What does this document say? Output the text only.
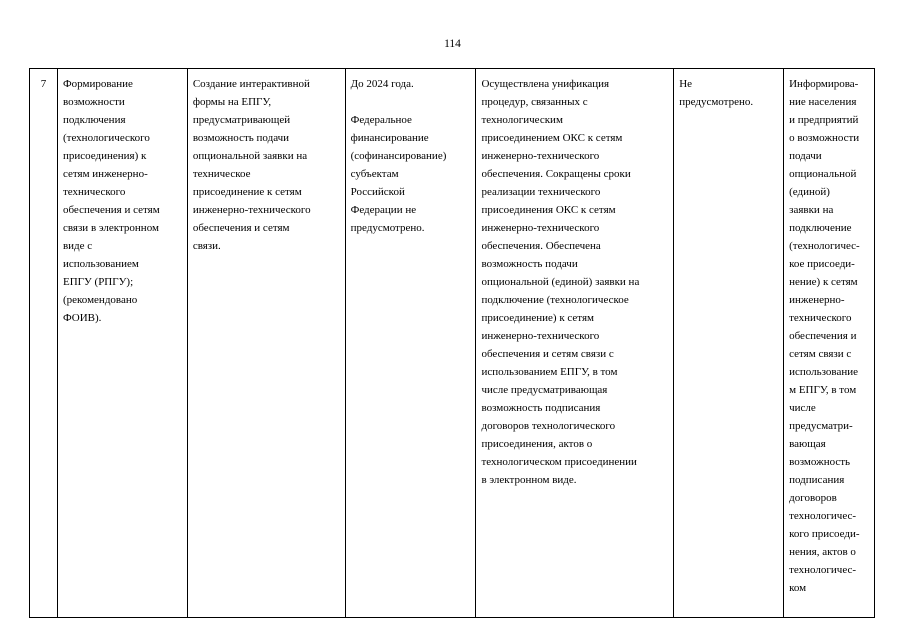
114
7	Формирование
возможности
подключения
(технологического
присоединения) к
сетям инженерно-
технического
обеспечения и сетям
связи в электронном
виде с
использованием
ЕПГУ (РПГУ);
(рекомендовано
ФОИВ).
Создание интерактивной
формы на ЕПГУ,
предусматривающей
возможность подачи
опциональной заявки на
техническое
присоединение к сетям
инженерно-технического
обеспечения и сетям
связи.
До 2024 года.
Федеральное
финансирование
(софинансирование)
субъектам
Российской
Федерации не
предусмотрено.
Осуществлена унификация
процедур, связанных с
технологическим
присоединением ОКС к сетям
инженерно-технического
обеспечения. Сокращены сроки
реализации технического
присоединения ОКС к сетям
инженерно-технического
обеспечения. Обеспечена
возможность подачи
опциональной (единой) заявки на
подключение (технологическое
присоединение) к сетям
инженерно-технического
обеспечения и сетям связи с
использованием ЕПГУ, в том
числе предусматривающая
возможность подписания
договоров технологического
присоединения, актов о
технологическом присоединении
в электронном виде.
Не
предусмотрено.
Информирова-
ние населения
и предприятий
о возможности
подачи
опциональной
(единой)
заявки на
подключение
(технологичес-
кое присоеди-
нение) к сетям
инженерно-
технического
обеспечения и
сетям связи с
использование
м ЕПГУ, в том
числе
предусматри-
вающая
возможность
подписания
договоров
технологичес-
кого присоеди-
нения, актов о
технологичес-
ком
